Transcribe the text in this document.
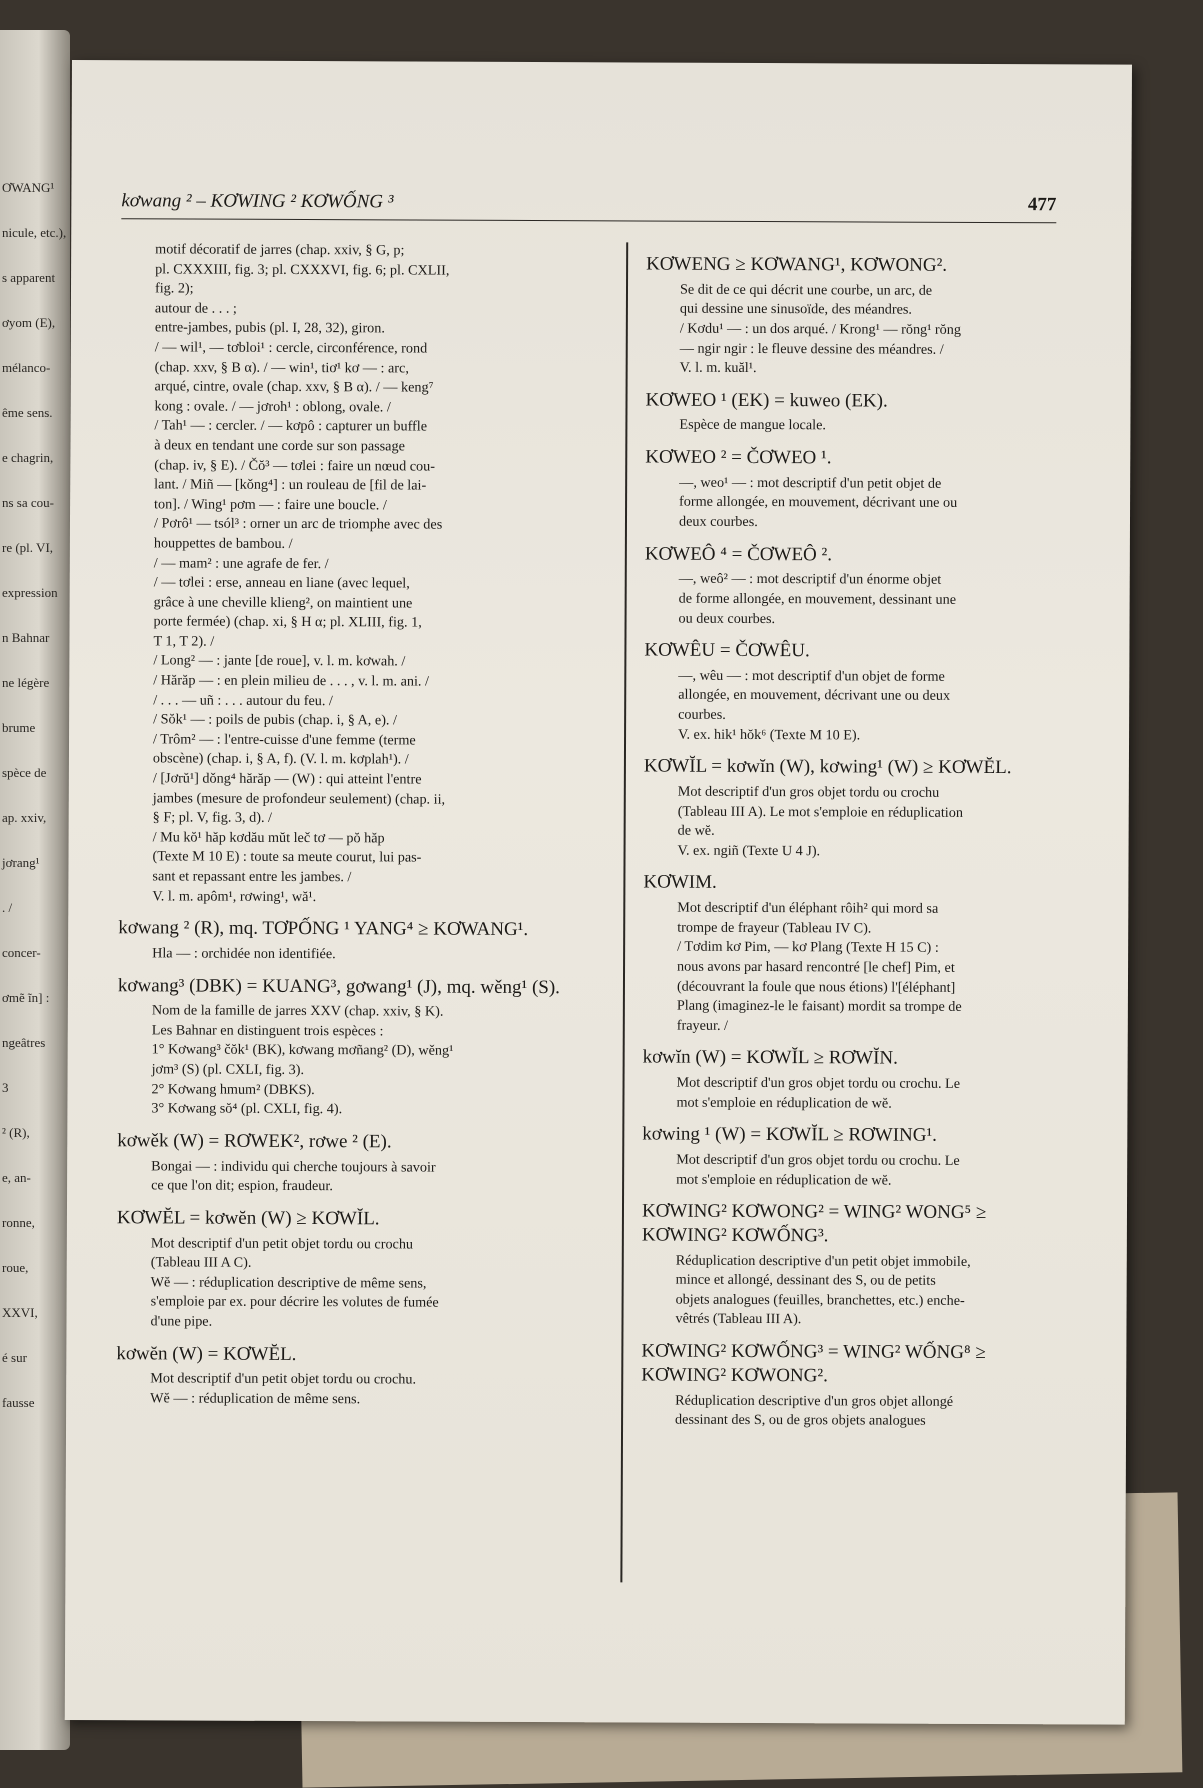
ƠWANG¹
nicule, etc.),
s apparent
ơyom (E),
mélanco-
ême sens.
e chagrin,
ns sa cou-
re (pl. VI,
expression
n Bahnar
ne légère
brume
spèce de
ap. xxiv,
jơrang¹
. /
concer-
ơmẽ ĩn] :
ngeâtres
3
² (R),
e, an-
ronne,
roue,
XXVI,
é sur
fausse
kơwang ² – KƠWING ² KƠWỐNG ³	477
motif décoratif de jarres (chap. xxiv, § G, p;
pl. CXXXIII, fig. 3; pl. CXXXVI, fig. 6; pl. CXLII,
fig. 2);
autour de . . . ;
entre-jambes, pubis (pl. I, 28, 32), giron.
/ — wil¹, — tơbloi¹ : cercle, circonférence, rond
(chap. xxv, § B α). / — win¹, tiơ¹ kơ — : arc,
arqué, cintre, ovale (chap. xxv, § B α). / — keng⁷
kong : ovale. / — jơroh¹ : oblong, ovale. /
/ Tah¹ — : cercler. / — kơpô : capturer un buffle
à deux en tendant une corde sur son passage
(chap. iv, § E). / Čŏ³ — tơlei : faire un nœud cou-
lant. / Miñ — [kǒng⁴] : un rouleau de [fil de lai-
ton]. / Wing¹ pơm — : faire une boucle. /
/ Pơrô¹ — tsól³ : orner un arc de triomphe avec des
houppettes de bambou. /
/ — mam² : une agrafe de fer. /
/ — tơlei : erse, anneau en liane (avec lequel,
grâce à une cheville klieng², on maintient une
porte fermée) (chap. xi, § H α; pl. XLIII, fig. 1,
T 1, T 2). /
/ Long² — : jante [de roue], v. l. m. kơwah. /
/ Hărăp — : en plein milieu de . . . , v. l. m. ani. /
/ . . . — uñ : . . . autour du feu. /
/ Sŏk¹ — : poils de pubis (chap. i, § A, e). /
/ Trôm² — : l'entre-cuisse d'une femme (terme
obscène) (chap. i, § A, f). (V. l. m. kơplah¹). /
/ [Jơrŭ¹] dǒng⁴ hărăp — (W) : qui atteint l'entre
jambes (mesure de profondeur seulement) (chap. ii,
§ F; pl. V, fig. 3, d). /
/ Mu kŏ¹ hăp kơdău mŭt leč tơ — pŏ hăp
(Texte M 10 E) : toute sa meute courut, lui pas-
sant et repassant entre les jambes. /
V. l. m. apôm¹, rơwing¹, wă¹.
kơwang ² (R), mq. TƠPỐNG ¹ YANG⁴ ≥ KƠWANG¹.
Hla — : orchidée non identifiée.
kơwang³ (DBK) = KUANG³, gơwang¹ (J), mq. wěng¹ (S).
Nom de la famille de jarres XXV (chap. xxiv, § K).
Les Bahnar en distinguent trois espèces :
1° Kơwang³ čŏk¹ (BK), kơwang mơñang² (D), wěng¹
jơm³ (S) (pl. CXLI, fig. 3).
2° Kơwang hmum² (DBKS).
3° Kơwang sŏ⁴ (pl. CXLI, fig. 4).
kơwěk (W) = RƠWEK², rơwe ² (E).
Bongai — : individu qui cherche toujours à savoir
ce que l'on dit; espion, fraudeur.
KƠWĔL = kơwĕn (W) ≥ KƠWĬL.
Mot descriptif d'un petit objet tordu ou crochu
(Tableau III A C).
Wĕ — : réduplication descriptive de même sens,
s'emploie par ex. pour décrire les volutes de fumée
d'une pipe.
kơwĕn (W) = KƠWĔL.
Mot descriptif d'un petit objet tordu ou crochu.
Wĕ — : réduplication de même sens.
KƠWENG ≥ KƠWANG¹, KƠWONG².
Se dit de ce qui décrit une courbe, un arc, de
qui dessine une sinusoïde, des méandres.
/ Kơdu¹ — : un dos arqué. / Krong¹ — rŏng¹ rŏng
— ngir ngir : le fleuve dessine des méandres. /
V. l. m. kuăl¹.
KƠWEO ¹ (EK) = kuweo (EK).
Espèce de mangue locale.
KƠWEO ² = ČƠWEO ¹.
—, weo¹ — : mot descriptif d'un petit objet de
forme allongée, en mouvement, décrivant une ou
deux courbes.
KƠWEÔ ⁴ = ČƠWEÔ ².
—, weô² — : mot descriptif d'un énorme objet
de forme allongée, en mouvement, dessinant une
ou deux courbes.
KƠWÊU = ČƠWÊU.
—, wêu — : mot descriptif d'un objet de forme
allongée, en mouvement, décrivant une ou deux
courbes.
V. ex. hik¹ hŏk⁶ (Texte M 10 E).
KƠWĬL = kơwĭn (W), kơwing¹ (W) ≥ KƠWĔL.
Mot descriptif d'un gros objet tordu ou crochu
(Tableau III A). Le mot s'emploie en réduplication
de wĕ.
V. ex. ngiñ (Texte U 4 J).
KƠWIM.
Mot descriptif d'un éléphant rôih² qui mord sa
trompe de frayeur (Tableau IV C).
/ Tơdim kơ Pim, — kơ Plang (Texte H 15 C) :
nous avons par hasard rencontré [le chef] Pim, et
(découvrant la foule que nous étions) l'[éléphant]
Plang (imaginez-le le faisant) mordit sa trompe de
frayeur. /
kơwĭn (W) = KƠWĬL ≥ RƠWĬN.
Mot descriptif d'un gros objet tordu ou crochu. Le
mot s'emploie en réduplication de wĕ.
kơwing ¹ (W) = KƠWĬL ≥ RƠWING¹.
Mot descriptif d'un gros objet tordu ou crochu. Le
mot s'emploie en réduplication de wĕ.
KƠWING² KƠWONG² = WING² WONG⁵ ≥ KƠWING² KƠWỐNG³.
Réduplication descriptive d'un petit objet immobile,
mince et allongé, dessinant des S, ou de petits
objets analogues (feuilles, branchettes, etc.) enche-
vêtrés (Tableau III A).
KƠWING² KƠWỐNG³ = WING² WỐNG⁸ ≥ KƠWING² KƠWONG².
Réduplication descriptive d'un gros objet allongé
dessinant des S, ou de gros objets analogues
